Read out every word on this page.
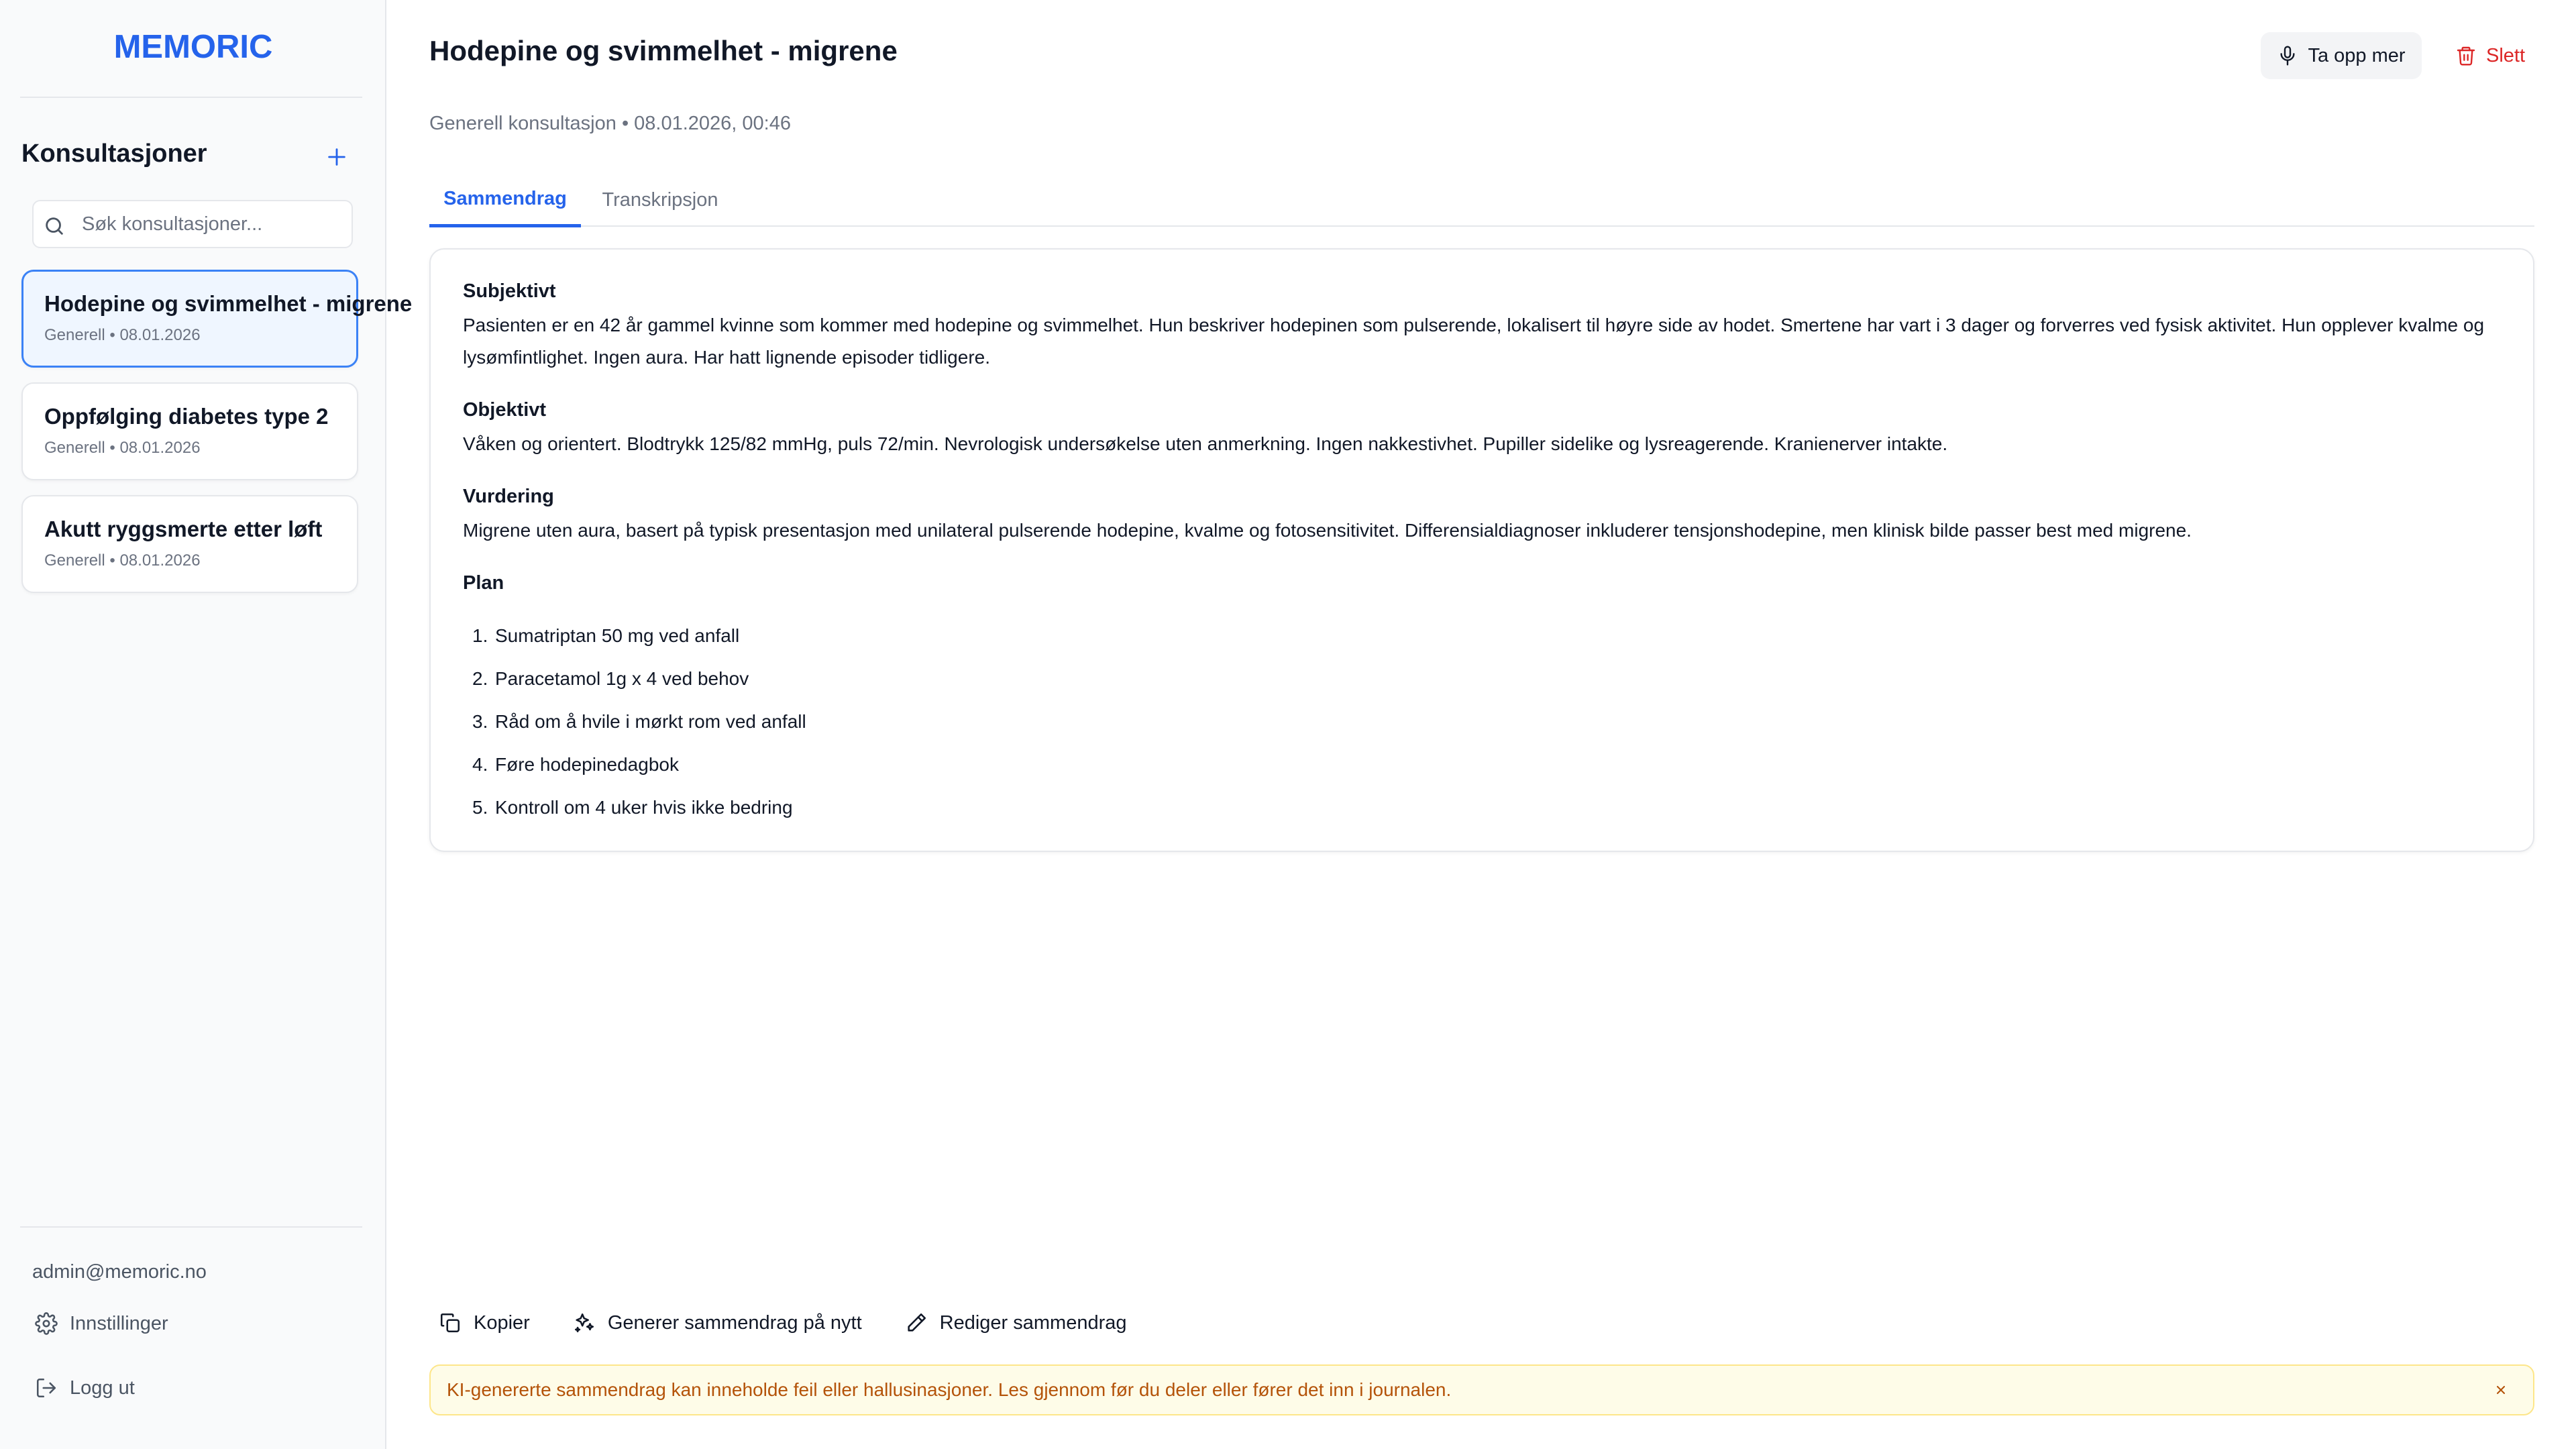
MEMORIC
Konsultasjoner
Søk konsultasjoner...
Hodepine og svimmelhet - migrene
Generell • 08.01.2026
Oppfølging diabetes type 2
Generell • 08.01.2026
Akutt ryggsmerte etter løft
Generell • 08.01.2026
admin@memoric.no
Innstillinger
Logg ut
Hodepine og svimmelhet - migrene
Generell konsultasjon • 08.01.2026, 00:46
Ta opp mer	Slett
Sammendrag	Transkripsjon
Subjektivt

Pasienten er en 42 år gammel kvinne som kommer med hodepine og svimmelhet. Hun beskriver hodepinen som pulserende, lokalisert til høyre side av hodet. Smertene har vart i 3 dager og forverres ved fysisk aktivitet. Hun opplever kvalme og lysømfintlighet. Ingen aura. Har hatt lignende episoder tidligere.

Objektivt

Våken og orientert. Blodtrykk 125/82 mmHg, puls 72/min. Nevrologisk undersøkelse uten anmerkning. Ingen nakkestivhet. Pupiller sidelike og lysreagerende. Kranienerver intakte.

Vurdering

Migrene uten aura, basert på typisk presentasjon med unilateral pulserende hodepine, kvalme og fotosensitivitet. Differensialdiagnoser inkluderer tensjonshodepine, men klinisk bilde passer best med migrene.

Plan
1. Sumatriptan 50 mg ved anfall
2. Paracetamol 1g x 4 ved behov
3. Råd om å hvile i mørkt rom ved anfall
4. Føre hodepinedagbok
5. Kontroll om 4 uker hvis ikke bedring
Kopier	Generer sammendrag på nytt	Rediger sammendrag
KI-genererte sammendrag kan inneholde feil eller hallusinasjoner. Les gjennom før du deler eller fører det inn i journalen.
